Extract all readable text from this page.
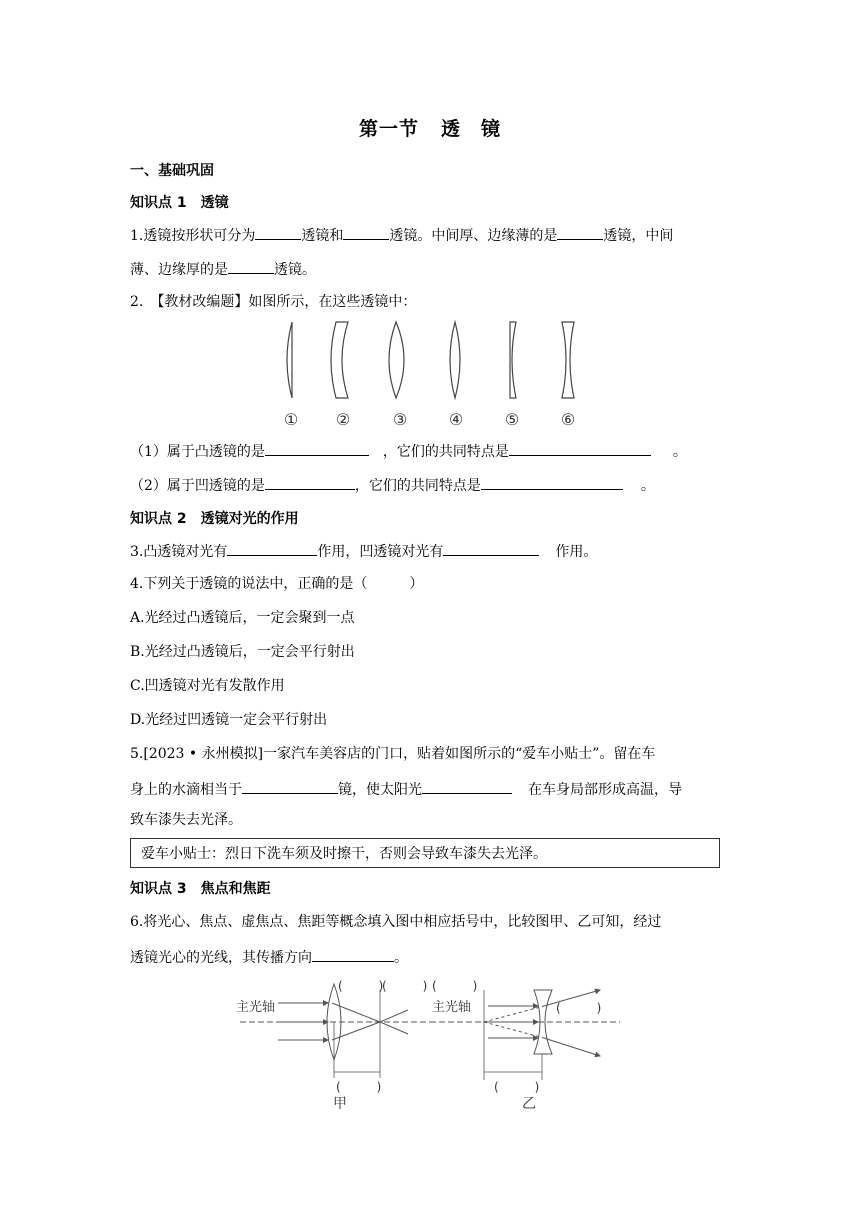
第一节 透　镜
一、基础巩固
知识点 1　透镜
1.透镜按形状可分为	透镜和	透镜。中间厚、边缘薄的是	透镜，中间
薄、边缘厚的是	透镜。
2.　【教材改编题】如图所示，在这些透镜中：
① ②	③	④	⑤	⑥
（1）属于凸透镜的是	，它们的共同特点是	。
（2）属于凹透镜的是	，它们的共同特点是	。
知识点 2　透镜对光的作用
3.凸透镜对光有	作用，凹透镜对光有	作用。
4.下列关于透镜的说法中，正确的是（　　　）
A.光经过凸透镜后，一定会聚到一点
B.光经过凸透镜后，一定会平行射出
C.凹透镜对光有发散作用
D.光经过凹透镜一定会平行射出
5.[2023 • 永州模拟]一家汽车美容店的门口，贴着如图所示的“爱车小贴士”。留在车
身上的水滴相当于	镜，使太阳光	在车身局部形成高温，导
致车漆失去光泽。
爱车小贴士：烈日下洗车须及时擦干，否则会导致车漆失去光泽。
知识点 3　焦点和焦距
6.将光心、焦点、虚焦点、焦距等概念填入图中相应括号中，比较图甲、乙可知，经过
透镜光心的光线，其传播方向	。
主光轴
(　　　)
(　　　)
(　　　)
甲
主光轴
(　　　)
(　　　)
(　　　)
乙
